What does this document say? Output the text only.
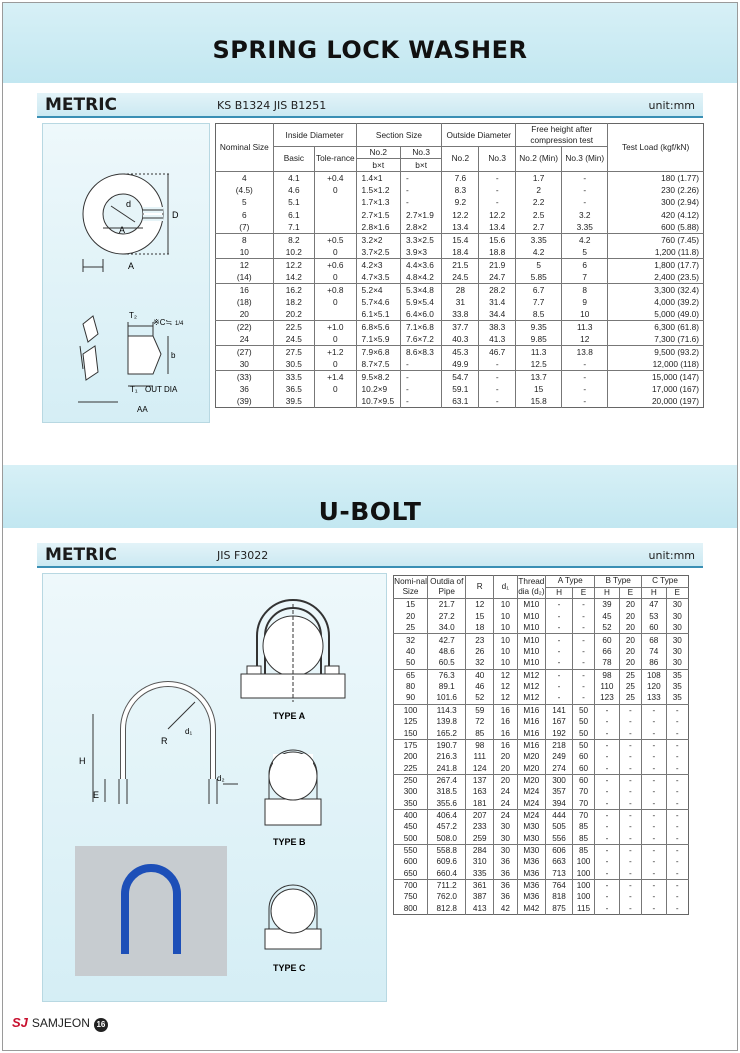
SPRING LOCK WASHER
METRIC	KS B1324 JIS B1251	unit:mm
d
D
A
A
T₂
※C≒ 1/4
b
T₁ OUT DIA
AA
Nominal Size	Inside Diameter		Section Size		Outside Diameter		Free height after compression test		Test Load (kgf/kN)
	Basic	Tole-rance	No.2	No.3	No.2	No.3	No.2 (Min)	No.3 (Min)	
			b×t	b×t					
4	4.1	+0.4	1.4×1	-	7.6	-	1.7	-	180 (1.77)
(4.5)	4.6	0	1.5×1.2	-	8.3	-	2	-	230 (2.26)
5	5.1		1.7×1.3	-	9.2	-	2.2	-	300 (2.94)
6	6.1		2.7×1.5	2.7×1.9	12.2	12.2	2.5	3.2	420 (4.12)
(7)	7.1		2.8×1.6	2.8×2	13.4	13.4	2.7	3.35	600 (5.88)
8	8.2	+0.5	3.2×2	3.3×2.5	15.4	15.6	3.35	4.2	760 (7.45)
10	10.2	0	3.7×2.5	3.9×3	18.4	18.8	4.2	5	1,200 (11.8)
12	12.2	+0.6	4.2×3	4.4×3.6	21.5	21.9	5	6	1,800 (17.7)
(14)	14.2	0	4.7×3.5	4.8×4.2	24.5	24.7	5.85	7	2,400 (23.5)
16	16.2	+0.8	5.2×4	5.3×4.8	28	28.2	6.7	8	3,300 (32.4)
(18)	18.2	0	5.7×4.6	5.9×5.4	31	31.4	7.7	9	4,000 (39.2)
20	20.2		6.1×5.1	6.4×6.0	33.8	34.4	8.5	10	5,000 (49.0)
(22)	22.5	+1.0	6.8×5.6	7.1×6.8	37.7	38.3	9.35	11.3	6,300 (61.8)
24	24.5	0	7.1×5.9	7.6×7.2	40.3	41.3	9.85	12	7,300 (71.6)
(27)	27.5	+1.2	7.9×6.8	8.6×8.3	45.3	46.7	11.3	13.8	9,500 (93.2)
30	30.5	0	8.7×7.5	-	49.9	-	12.5	-	12,000 (118)
(33)	33.5	+1.4	9.5×8.2	-	54.7	-	13.7	-	15,000 (147)
36	36.5	0	10.2×9	-	59.1	-	15	-	17,000 (167)
(39)	39.5		10.7×9.5	-	63.1	-	15.8	-	20,000 (197)
U-BOLT
METRIC	JIS F3022	unit:mm
TYPE A
TYPE B
TYPE C
H
E
R
d₁
d₂
Nomi-nal Size	Outdia of Pipe	R	d₁	Thread dia (d₂)	A Type		B Type		C Type	
					H	E	H	E	H	E
15	21.7	12	10	M10	-	-	39	20	47	30
20	27.2	15	10	M10	-	-	45	20	53	30
25	34.0	18	10	M10	-	-	52	20	60	30
32	42.7	23	10	M10	-	-	60	20	68	30
40	48.6	26	10	M10	-	-	66	20	74	30
50	60.5	32	10	M10	-	-	78	20	86	30
65	76.3	40	12	M12	-	-	98	25	108	35
80	89.1	46	12	M12	-	-	110	25	120	35
90	101.6	52	12	M12	-	-	123	25	133	35
100	114.3	59	16	M16	141	50	-	-	-	-
125	139.8	72	16	M16	167	50	-	-	-	-
150	165.2	85	16	M16	192	50	-	-	-	-
175	190.7	98	16	M16	218	50	-	-	-	-
200	216.3	111	20	M20	249	60	-	-	-	-
225	241.8	124	20	M20	274	60	-	-	-	-
250	267.4	137	20	M20	300	60	-	-	-	-
300	318.5	163	24	M24	357	70	-	-	-	-
350	355.6	181	24	M24	394	70	-	-	-	-
400	406.4	207	24	M24	444	70	-	-	-	-
450	457.2	233	30	M30	505	85	-	-	-	-
500	508.0	259	30	M30	556	85	-	-	-	-
550	558.8	284	30	M30	606	85	-	-	-	-
600	609.6	310	36	M36	663	100	-	-	-	-
650	660.4	335	36	M36	713	100	-	-	-	-
700	711.2	361	36	M36	764	100	-	-	-	-
750	762.0	387	36	M36	818	100	-	-	-	-
800	812.8	413	42	M42	875	115	-	-	-	-
SJ SAMJEON 16
